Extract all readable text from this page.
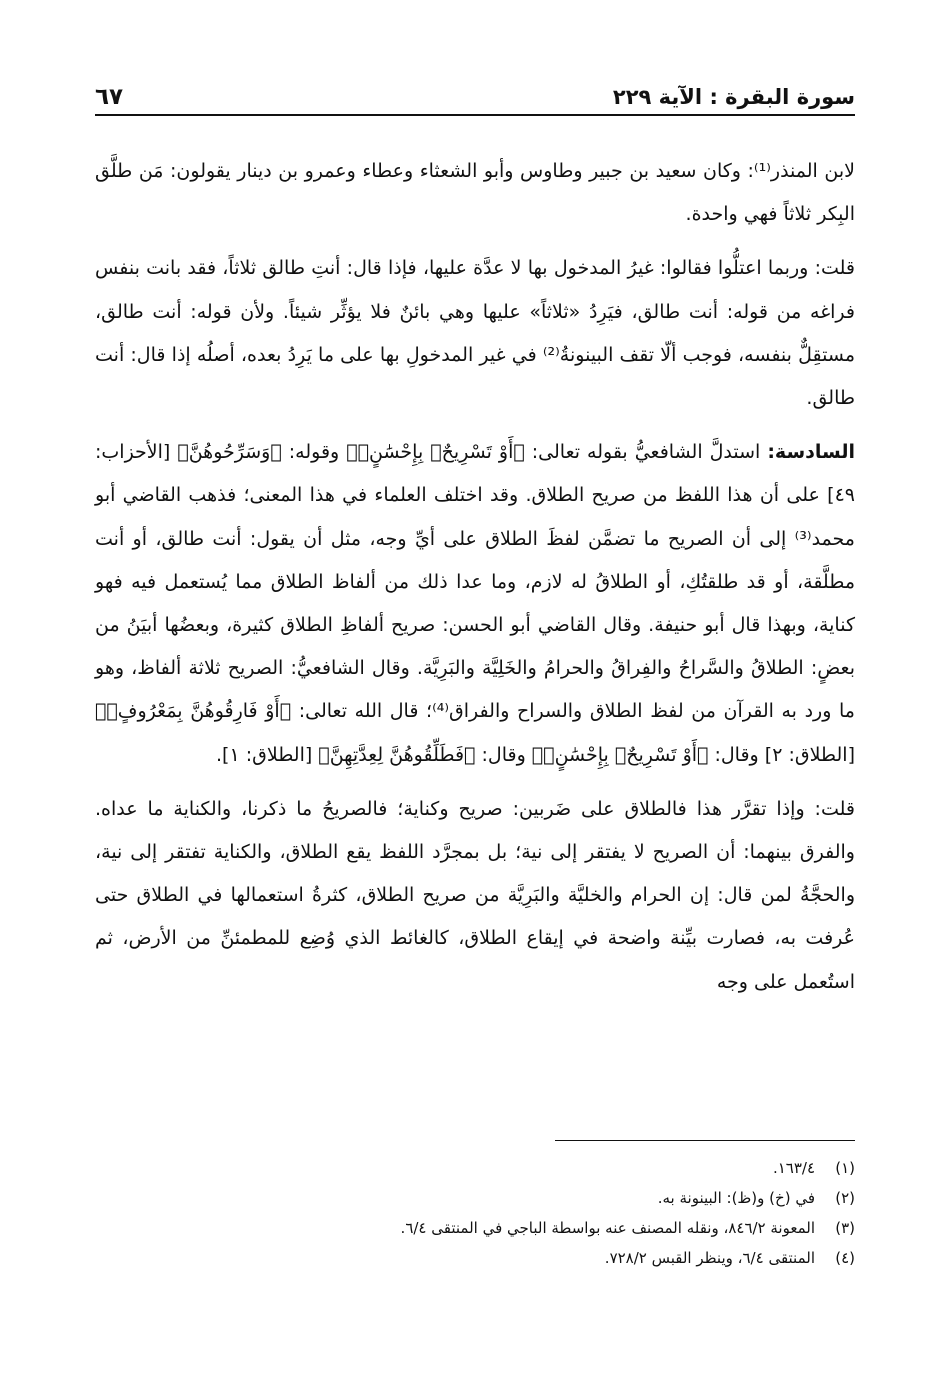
سورة البقرة : الآية ٢٢٩
٦٧

لابن المنذر⁽¹⁾: وكان سعيد بن جبير وطاوس وأبو الشعثاء وعطاء وعمرو بن دينار يقولون: مَن طلَّق البِكر ثلاثاً فهي واحدة.

قلت: وربما اعتلُّوا فقالوا: غيرُ المدخول بها لا عدَّة عليها، فإذا قال: أنتِ طالق ثلاثاً، فقد بانت بنفس فراغه من قوله: أنت طالق، فيَرِدُ «ثلاثاً» عليها وهي بائنٌ فلا يؤثِّر شيئاً. ولأن قوله: أنت طالق، مستقِلٌّ بنفسه، فوجب ألّا تقف البينونةُ⁽²⁾ في غير المدخولِ بها على ما يَرِدُ بعده، أصلُه إذا قال: أنت طالق.

السادسة: استدلَّ الشافعيُّ بقوله تعالى: ﴿أَوْ تَسْرِيحٌۢ بِإِحْسَٰنٍۢ﴾ وقوله: ﴿وَسَرِّحُوهُنَّ﴾ [الأحزاب: ٤٩] على أن هذا اللفظ من صريح الطلاق. وقد اختلف العلماء في هذا المعنى؛ فذهب القاضي أبو محمد⁽³⁾ إلى أن الصريح ما تضمَّن لفظَ الطلاق على أيِّ وجه، مثل أن يقول: أنت طالق، أو أنت مطلَّقة، أو قد طلقتُكِ، أو الطلاقُ له لازم، وما عدا ذلك من ألفاظ الطلاق مما يُستعمل فيه فهو كناية، وبهذا قال أبو حنيفة. وقال القاضي أبو الحسن: صريح ألفاظِ الطلاق كثيرة، وبعضُها أبيَنُ من بعضٍ: الطلاقُ والسَّراحُ والفِراقُ والحرامُ والخَلِيَّة والبَرِيَّة. وقال الشافعيُّ: الصريح ثلاثة ألفاظ، وهو ما ورد به القرآن من لفظ الطلاق والسراح والفراق⁽⁴⁾؛ قال الله تعالى: ﴿أَوْ فَارِقُوهُنَّ بِمَعْرُوفٍۢ﴾ [الطلاق: ٢] وقال: ﴿أَوْ تَسْرِيحٌۢ بِإِحْسَٰنٍۢ﴾ وقال: ﴿فَطَلِّقُوهُنَّ لِعِدَّتِهِنَّ﴾ [الطلاق: ١].

قلت: وإذا تقرَّر هذا فالطلاق على ضَربين: صريح وكناية؛ فالصريحُ ما ذكرنا، والكناية ما عداه. والفرق بينهما: أن الصريح لا يفتقر إلى نية؛ بل بمجرَّد اللفظ يقع الطلاق، والكناية تفتقر إلى نية، والحجَّةُ لمن قال: إن الحرام والخليَّة والبَرِيَّة من صريح الطلاق، كثرةُ استعمالها في الطلاق حتى عُرفت به، فصارت بيِّنة واضحة في إيقاع الطلاق، كالغائط الذي وُضِع للمطمئنِّ من الأرض، ثم استُعمل على وجه

(١)
١٦٣/٤.
(٢)
في (خ) و(ظ): البينونة به.
(٣)
المعونة ٨٤٦/٢، ونقله المصنف عنه بواسطة الباجي في المنتقى ٦/٤.
(٤)
المنتقى ٦/٤، وينظر القبس ٧٢٨/٢.
